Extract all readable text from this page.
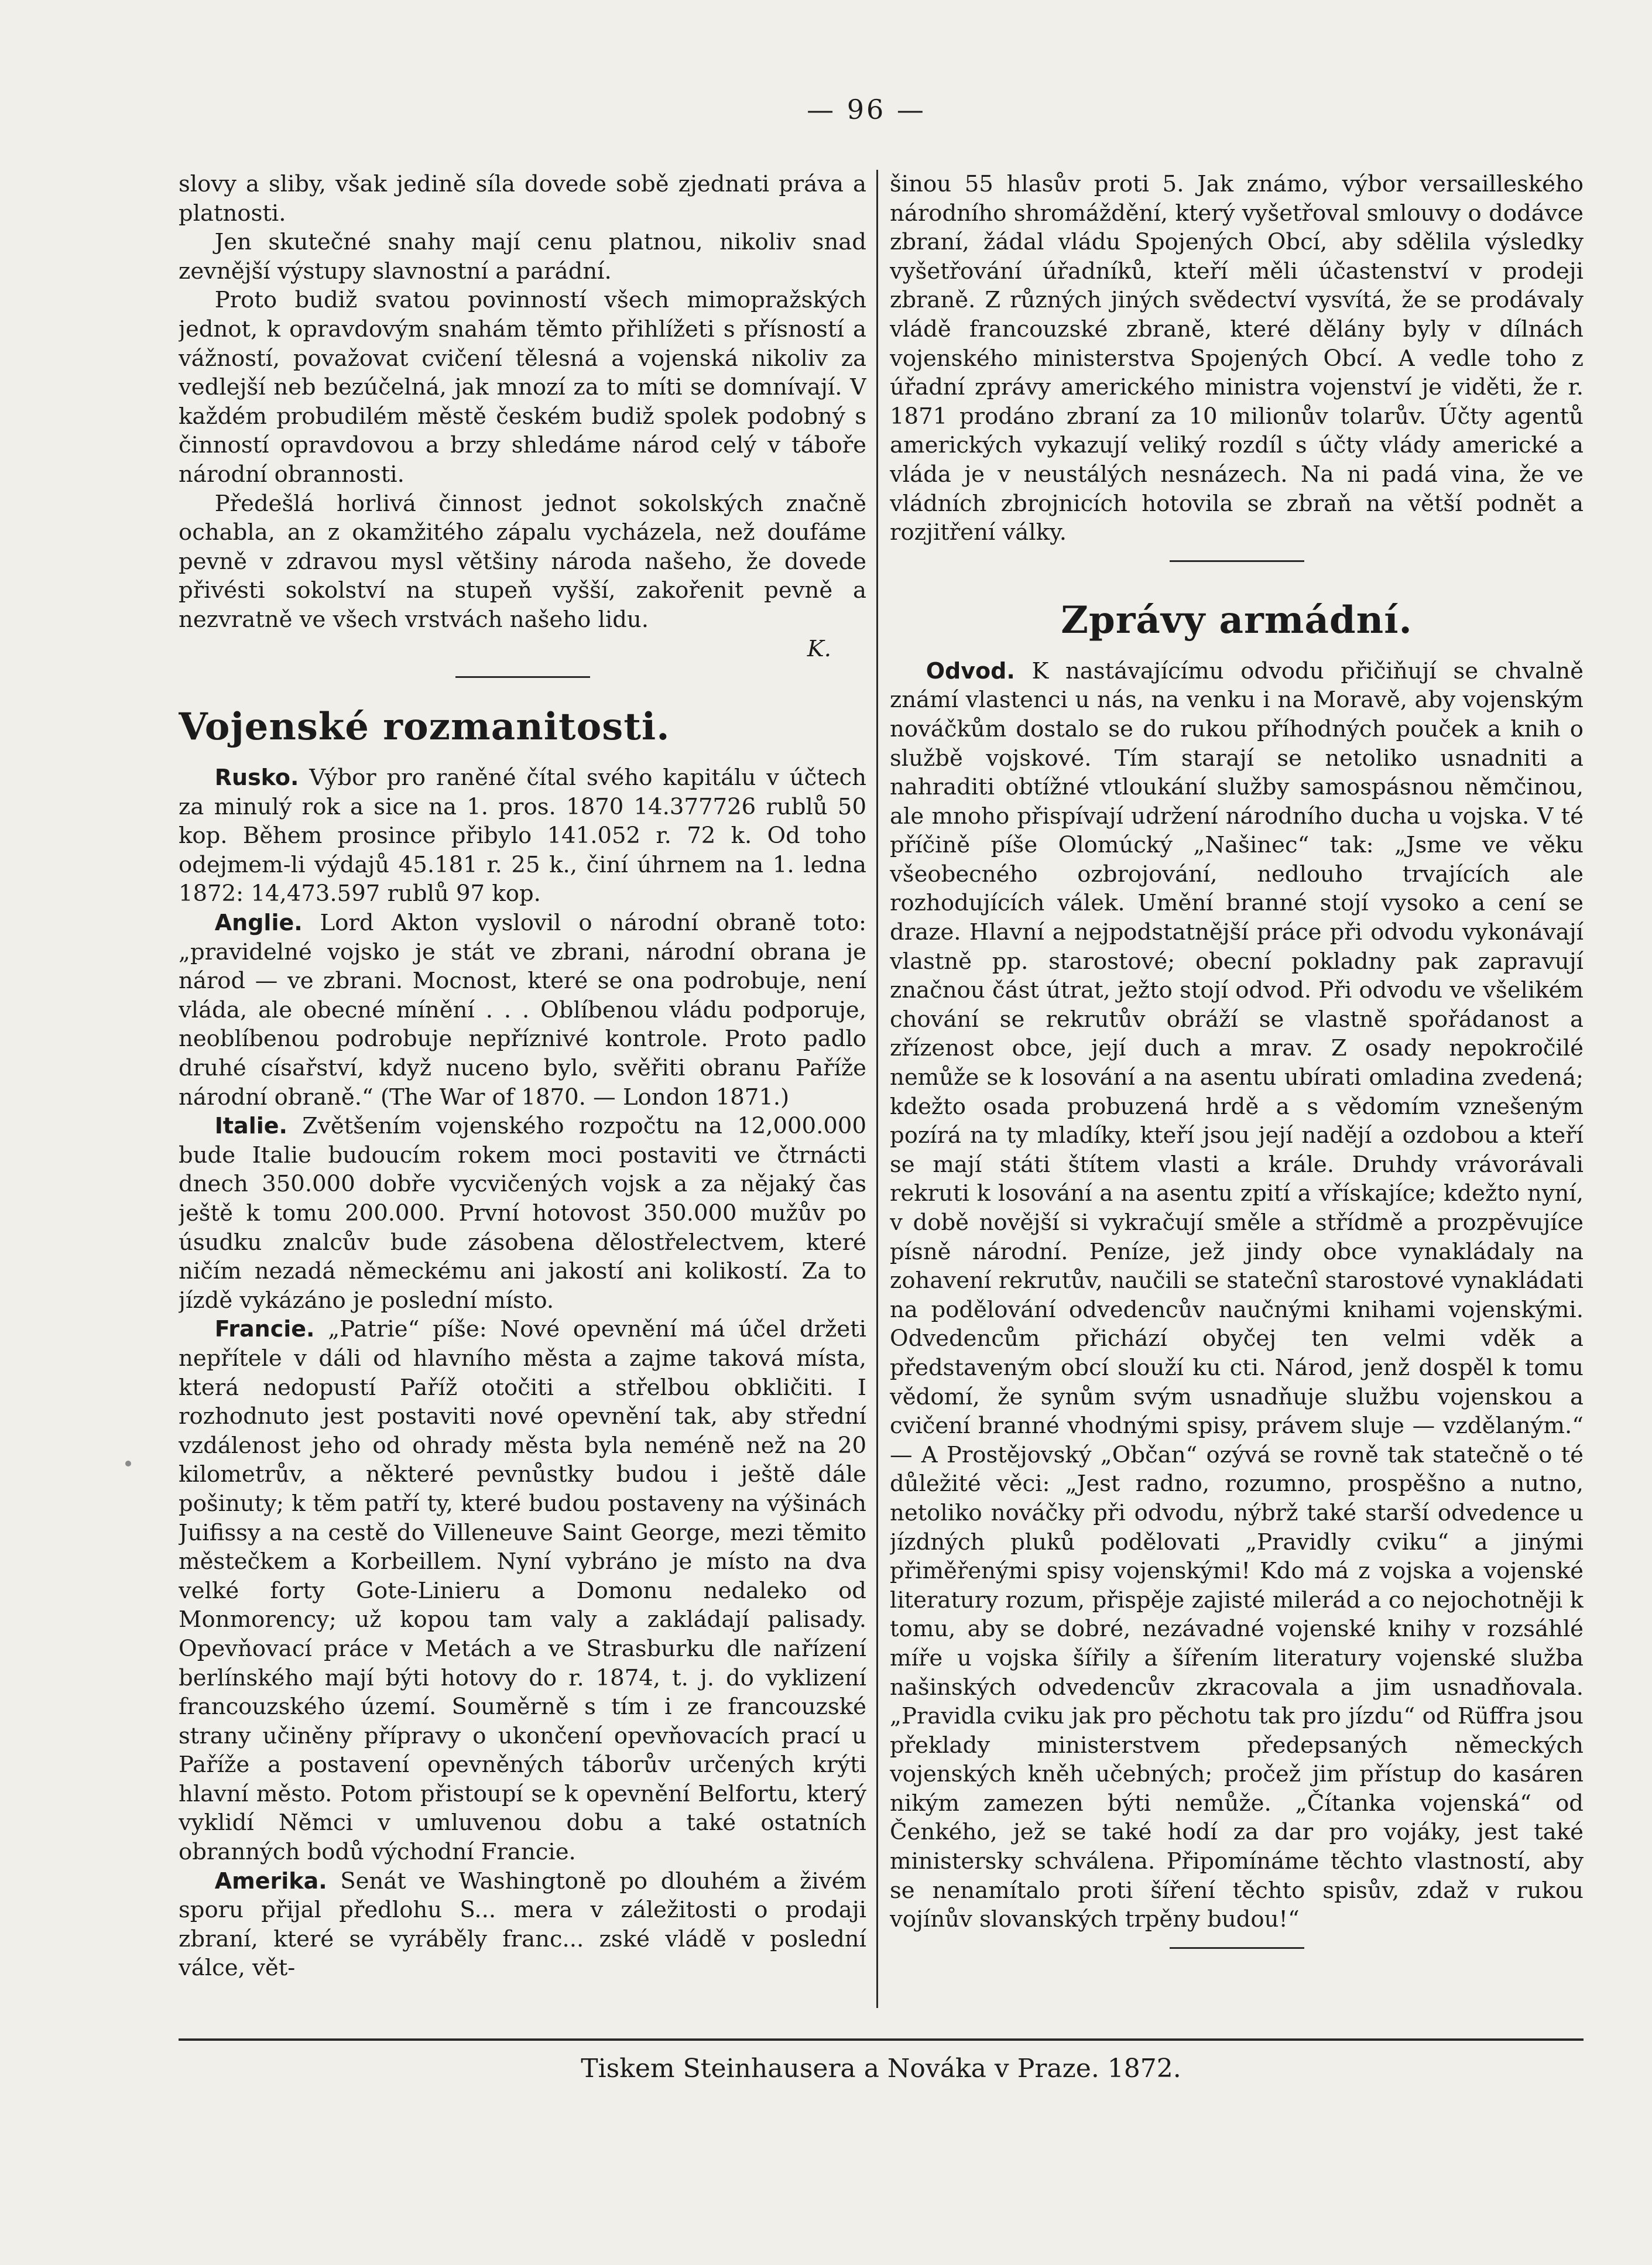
— 96 —

slovy a sliby, však jedině síla dovede sobě zjednati práva a platnosti.

Jen skutečné snahy mají cenu platnou, nikoliv snad zevnější výstupy slavnostní a parádní.

Proto budiž svatou povinností všech mimopražských jednot, k opravdovým snahám těmto přihlížeti s přísností a vážností, považovat cvičení tělesná a vojenská nikoliv za vedlejší neb bezúčelná, jak mnozí za to míti se domnívají. V každém probudilém městě českém budiž spolek podobný s činností opravdovou a brzy shledáme národ celý v táboře národní obrannosti.

Předešlá horlivá činnost jednot sokolských značně ochabla, an z okamžitého zápalu vycházela, než doufáme pevně v zdravou mysl většiny národa našeho, že dovede přivésti sokolství na stupeň vyšší, zakořenit pevně a nezvratně ve všech vrstvách našeho lidu.

K.

Vojenské rozmanitosti.

Rusko. Výbor pro raněné čítal svého kapitálu v účtech za minulý rok a sice na 1. pros. 1870 14.377726 rublů 50 kop. Během prosince přibylo 141.052 r. 72 k. Od toho odejmem-li výdajů 45.181 r. 25 k., činí úhrnem na 1. ledna 1872: 14,473.597 rublů 97 kop.

Anglie. Lord Akton vyslovil o národní obraně toto: „pravidelné vojsko je stát ve zbrani, národní obrana je národ — ve zbrani. Mocnost, které se ona podrobuje, není vláda, ale obecné mínění . . . Oblíbenou vládu podporuje, neoblíbenou podrobuje nepříznivé kontrole. Proto padlo druhé císařství, když nuceno bylo, svěřiti obranu Paříže národní obraně.“ (The War of 1870. — London 1871.)

Italie. Zvětšením vojenského rozpočtu na 12,000.000 bude Italie budoucím rokem moci postaviti ve čtrnácti dnech 350.000 dobře vycvičených vojsk a za nějaký čas ještě k tomu 200.000. První hotovost 350.000 mužův po úsudku znalcův bude zásobena dělostřelectvem, které ničím nezadá německému ani jakostí ani kolikostí. Za to jízdě vykázáno je poslední místo.

Francie. „Patrie“ píše: Nové opevnění má účel držeti nepřítele v dáli od hlavního města a zajme taková místa, která nedopustí Paříž otočiti a střelbou obkličiti. I rozhodnuto jest postaviti nové opevnění tak, aby střední vzdálenost jeho od ohrady města byla neméně než na 20 kilometrův, a některé pevnůstky budou i ještě dále pošinuty; k těm patří ty, které budou postaveny na výšinách Juifissy a na cestě do Villeneuve Saint George, mezi těmito městečkem a Korbeillem. Nyní vybráno je místo na dva velké forty Gote-Linieru a Domonu nedaleko od Monmorency; už kopou tam valy a zakládají palisady. Opevňovací práce v Metách a ve Strasburku dle nařízení berlínského mají býti hotovy do r. 1874, t. j. do vyklizení francouzského území. Souměrně s tím i ze francouzské strany učiněny přípravy o ukončení opevňovacích prací u Paříže a postavení opevněných táborův určených krýti hlavní město. Potom přistoupí se k opevnění Belfortu, který vyklidí Němci v umluvenou dobu a také ostatních obranných bodů východní Francie.

Amerika. Senát ve Washingtoně po dlouhém a živém sporu přijal předlohu S... mera v záležitosti o prodaji zbraní, které se vyráběly franc... zské vládě v poslední válce, vět-

šinou 55 hlasův proti 5. Jak známo, výbor versailleského národního shromáždění, který vyšetřoval smlouvy o dodávce zbraní, žádal vládu Spojených Obcí, aby sdělila výsledky vyšetřování úřadníků, kteří měli účastenství v prodeji zbraně. Z různých jiných svědectví vysvítá, že se prodávaly vládě francouzské zbraně, které dělány byly v dílnách vojenského ministerstva Spojených Obcí. A vedle toho z úřadní zprávy amerického ministra vojenství je viděti, že r. 1871 prodáno zbraní za 10 milionův tolarův. Účty agentů amerických vykazují veliký rozdíl s účty vlády americké a vláda je v neustálých nesnázech. Na ni padá vina, že ve vládních zbrojnicích hotovila se zbraň na větší podnět a rozjitření války.

Zprávy armádní.

Odvod. K nastávajícímu odvodu přičiňují se chvalně známí vlastenci u nás, na venku i na Moravě, aby vojenským nováčkům dostalo se do rukou příhodných pouček a knih o službě vojskové. Tím starají se netoliko usnadniti a nahraditi obtížné vtloukání služby samospásnou němčinou, ale mnoho přispívají udržení národního ducha u vojska. V té příčině píše Olomúcký „Našinec“ tak: „Jsme ve věku všeobecného ozbrojování, nedlouho trvajících ale rozhodujících válek. Umění branné stojí vysoko a cení se draze. Hlavní a nejpodstatnější práce při odvodu vykonávají vlastně pp. starostové; obecní pokladny pak zapravují značnou část útrat, ježto stojí odvod. Při odvodu ve všelikém chování se rekrutův obráží se vlastně spořádanost a zřízenost obce, její duch a mrav. Z osady nepokročilé nemůže se k losování a na asentu ubírati omladina zvedená; kdežto osada probuzená hrdě a s vědomím vznešeným pozírá na ty mladíky, kteří jsou její nadějí a ozdobou a kteří se mají státi štítem vlasti a krále. Druhdy vrávorávali rekruti k losování a na asentu zpití a vřískajíce; kdežto nyní, v době novější si vykračují směle a střídmě a prozpěvujíce písně národní. Peníze, jež jindy obce vynakládaly na zohavení rekrutův, naučili se statečnî starostové vynakládati na podělování odvedencův naučnými knihami vojenskými. Odvedencům přichází obyčej ten velmi vděk a představeným obcí slouží ku cti. Národ, jenž dospěl k tomu vědomí, že synům svým usnadňuje službu vojenskou a cvičení branné vhodnými spisy, právem sluje — vzdělaným.“ — A Prostějovský „Občan“ ozývá se rovně tak statečně o té důležité věci: „Jest radno, rozumno, prospěšno a nutno, netoliko nováčky při odvodu, nýbrž také starší odvedence u jízdných pluků podělovati „Pravidly cviku“ a jinými přiměřenými spisy vojenskými! Kdo má z vojska a vojenské literatury rozum, přispěje zajisté milerád a co nejochotněji k tomu, aby se dobré, nezávadné vojenské knihy v rozsáhlé míře u vojska šířily a šířením literatury vojenské služba našinských odvedencův zkracovala a jim usnadňovala. „Pravidla cviku jak pro pěchotu tak pro jízdu“ od Rüffra jsou překlady ministerstvem předepsaných německých vojenských kněh učebných; pročež jim přístup do kasáren nikým zamezen býti nemůže. „Čítanka vojenská“ od Čenkého, jež se také hodí za dar pro vojáky, jest také ministersky schválena. Připomínáme těchto vlastností, aby se nenamítalo proti šíření těchto spisův, zdaž v rukou vojínův slovanských trpěny budou!“

Tiskem Steinhausera a Nováka v Praze. 1872.
